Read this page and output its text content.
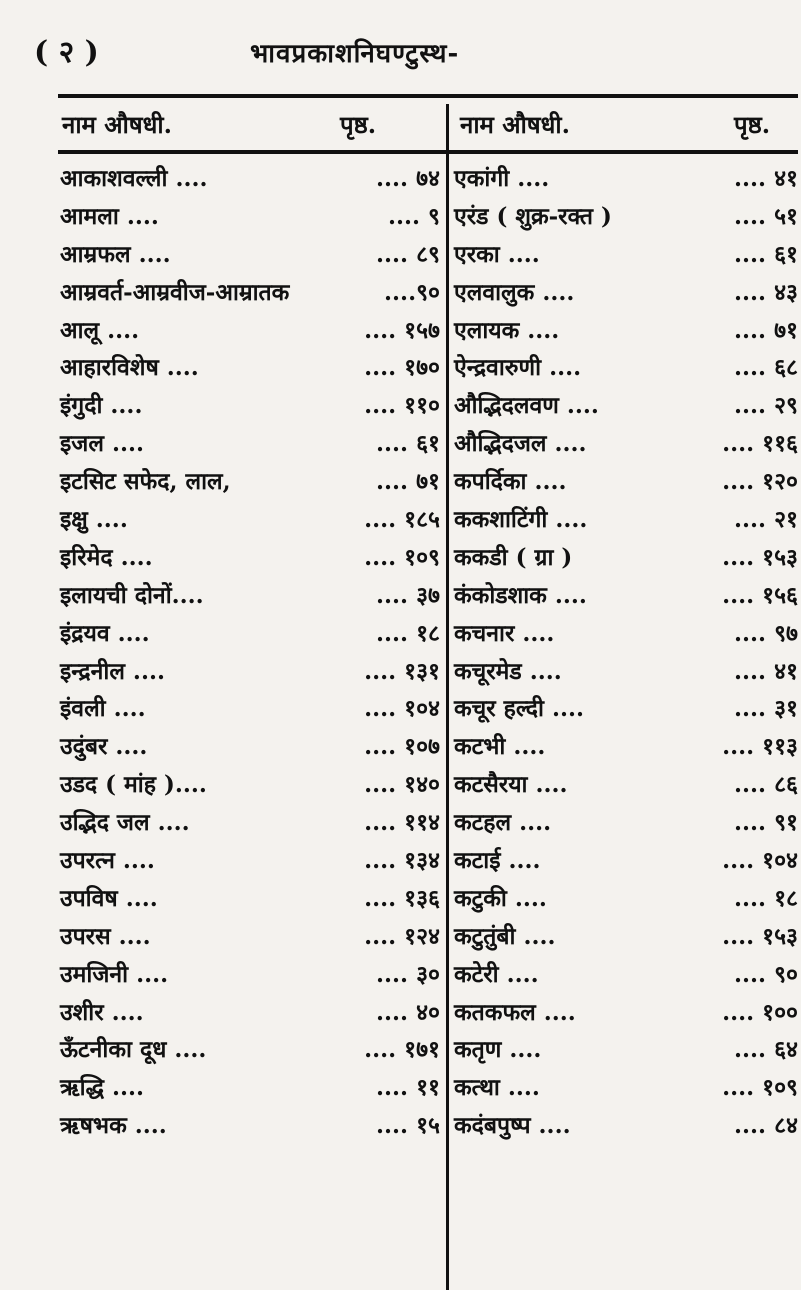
( २ )	भावप्रकाशनिघण्टुस्थ-
नाम औषधी.	पृष्ठ.	नाम औषधी.	पृष्ठ.
आकाशवल्ली ....	.... ७४
आमला ....	.... ९
आम्रफल ....	.... ८९
आम्रवर्त-आम्रवीज-आम्रातक	....९०
आलू ....	.... १५७
आहारविशेष ....	.... १७०
इंगुदी ....	.... ११०
इजल ....	.... ६१
इटसिट सफेद, लाल,	.... ७१
इक्षु ....	.... १८५
इरिमेद ....	.... १०९
इलायची दोनों....	.... ३७
इंद्रयव ....	.... १८
इन्द्रनील ....	.... १३१
इंवली ....	.... १०४
उदुंबर ....	.... १०७
उडद ( मांह )....	.... १४०
उद्भिद जल ....	.... ११४
उपरत्न ....	.... १३४
उपविष ....	.... १३६
उपरस ....	.... १२४
उमजिनी ....	.... ३०
उशीर ....	.... ४०
ऊँटनीका दूध ....	.... १७१
ऋद्धि ....	.... ११
ऋषभक ....	.... १५
एकांगी ....	.... ४१
एरंड ( शुक्र-रक्त )	.... ५१
एरका ....	.... ६१
एलवालुक ....	.... ४३
एलायक ....	.... ७१
ऐन्द्रवारुणी ....	.... ६८
औद्भिदलवण ....	.... २९
औद्भिदजल ....	.... ११६
कपर्दिका ....	.... १२०
ककशाटिंगी ....	.... २१
ककडी ( ग्रा )	.... १५३
कंकोडशाक ....	.... १५६
कचनार ....	.... ९७
कचूरमेड ....	.... ४१
कचूर हल्दी ....	.... ३१
कटभी ....	.... ११३
कटसैरया ....	.... ८६
कटहल ....	.... ९१
कटाई ....	.... १०४
कटुकी ....	.... १८
कटुतुंबी ....	.... १५३
कटेरी ....	.... ९०
कतकफल ....	.... १००
कतृण ....	.... ६४
कत्था ....	.... १०९
कदंबपुष्प ....	.... ८४
